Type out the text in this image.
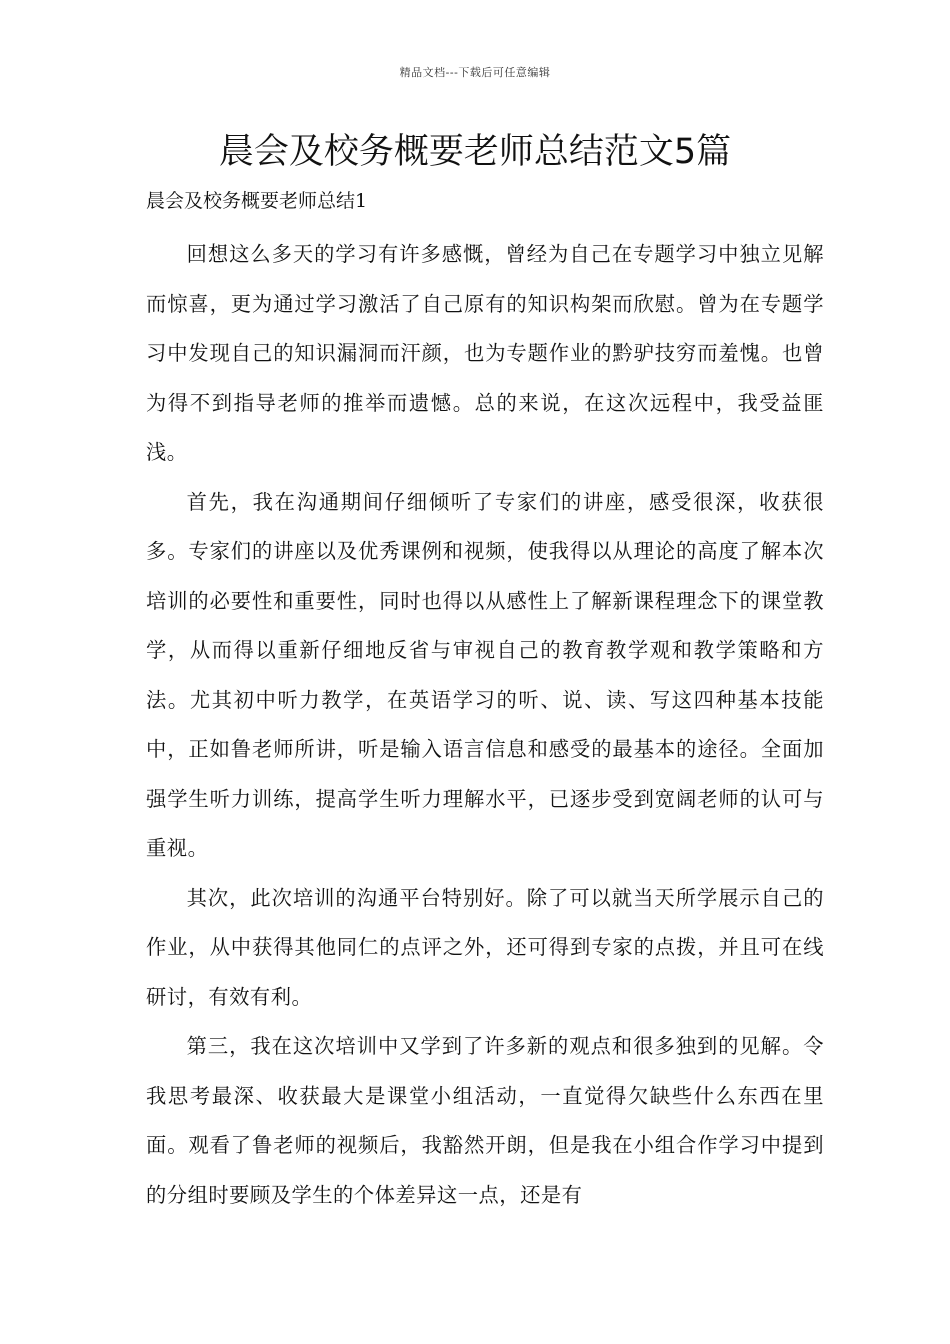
精品文档---下载后可任意编辑
晨会及校务概要老师总结范文5篇
晨会及校务概要老师总结1

回想这么多天的学习有许多感慨，曾经为自己在专题学习中独立见解而惊喜，更为通过学习激活了自己原有的知识构架而欣慰。曾为在专题学习中发现自己的知识漏洞而汗颜，也为专题作业的黔驴技穷而羞愧。也曾为得不到指导老师的推举而遗憾。总的来说，在这次远程中，我受益匪浅。

首先，我在沟通期间仔细倾听了专家们的讲座，感受很深，收获很多。专家们的讲座以及优秀课例和视频，使我得以从理论的高度了解本次培训的必要性和重要性，同时也得以从感性上了解新课程理念下的课堂教学，从而得以重新仔细地反省与审视自己的教育教学观和教学策略和方法。尤其初中听力教学，在英语学习的听、说、读、写这四种基本技能中，正如鲁老师所讲，听是输入语言信息和感受的最基本的途径。全面加强学生听力训练，提高学生听力理解水平，已逐步受到宽阔老师的认可与重视。

其次，此次培训的沟通平台特别好。除了可以就当天所学展示自己的作业，从中获得其他同仁的点评之外，还可得到专家的点拨，并且可在线研讨，有效有利。

第三，我在这次培训中又学到了许多新的观点和很多独到的见解。令我思考最深、收获最大是课堂小组活动，一直觉得欠缺些什么东西在里面。观看了鲁老师的视频后，我豁然开朗，但是我在小组合作学习中提到的分组时要顾及学生的个体差异这一点，还是有
